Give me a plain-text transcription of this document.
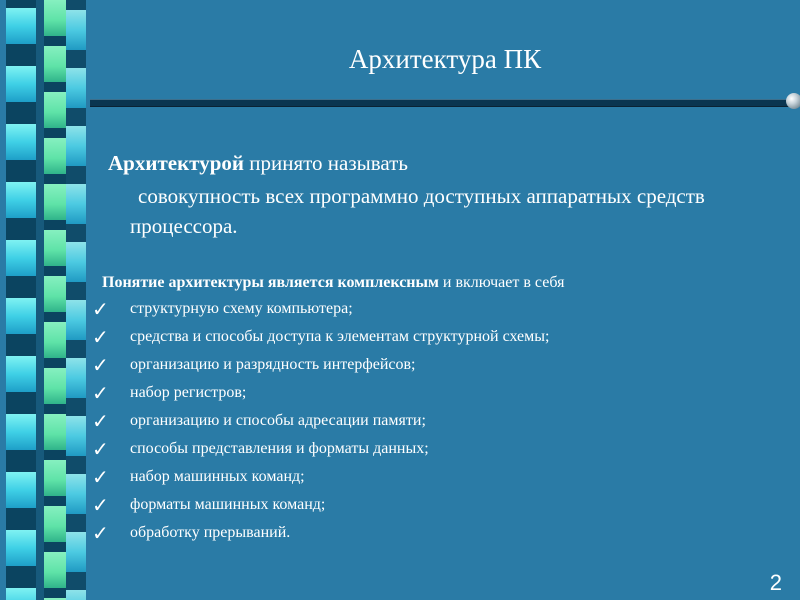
Архитектура ПК
Архитектурой принято называть
совокупность всех программно доступных аппаратных средств процессора.

Понятие архитектуры является комплексным и включает в себя

✓ структурную схему компьютера;
✓ средства и способы доступа к элементам структурной схемы;
✓ организацию и разрядность интерфейсов;
✓ набор регистров;
✓ организацию и способы адресации памяти;
✓ способы представления и форматы данных;
✓ набор машинных команд;
✓ форматы машинных команд;
✓ обработку прерываний.
2
